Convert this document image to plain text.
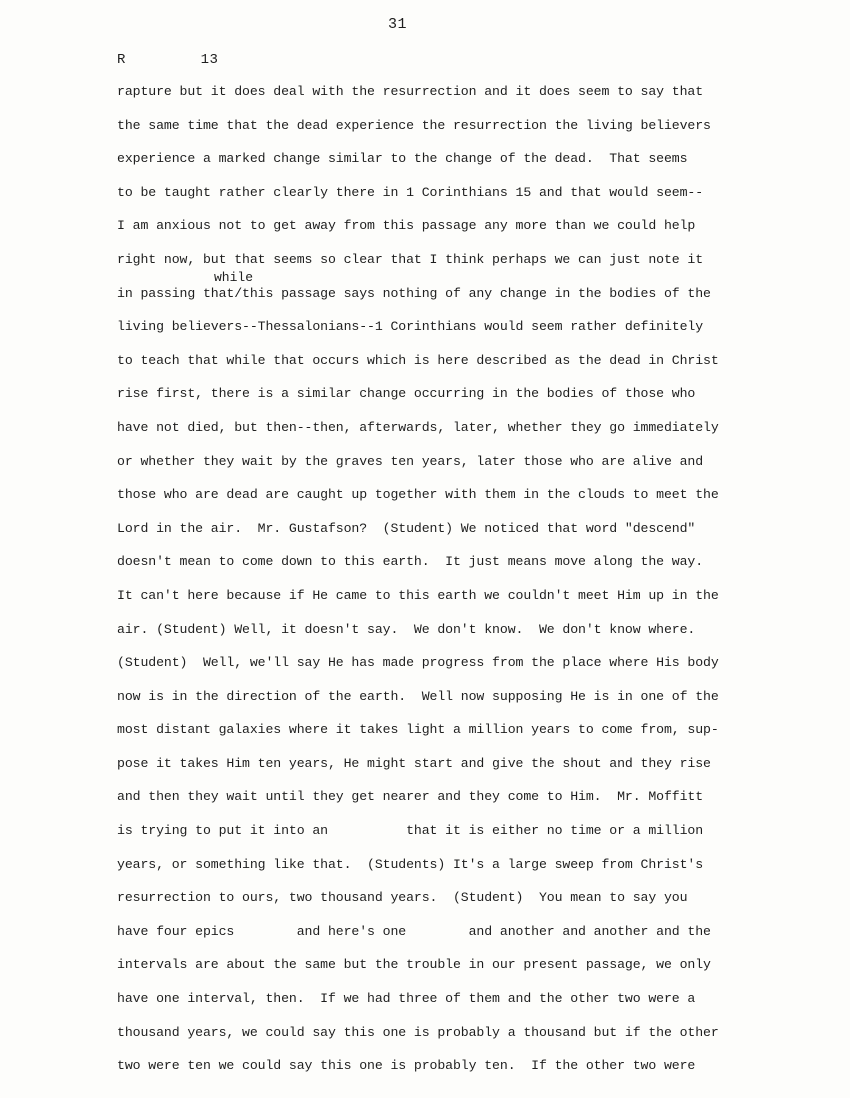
31
R   13
while
rapture but it does deal with the resurrection and it does seem to say that
the same time that the dead experience the resurrection the living believers
experience a marked change similar to the change of the dead.  That seems
to be taught rather clearly there in 1 Corinthians 15 and that would seem--
I am anxious not to get away from this passage any more than we could help
right now, but that seems so clear that I think perhaps we can just note it
in passing that/this passage says nothing of any change in the bodies of the
living believers--Thessalonians--1 Corinthians would seem rather definitely
to teach that while that occurs which is here described as the dead in Christ
rise first, there is a similar change occurring in the bodies of those who
have not died, but then--then, afterwards, later, whether they go immediately
or whether they wait by the graves ten years, later those who are alive and
those who are dead are caught up together with them in the clouds to meet the
Lord in the air.  Mr. Gustafson?  (Student) We noticed that word "descend"
doesn't mean to come down to this earth.  It just means move along the way.
It can't here because if He came to this earth we couldn't meet Him up in the
air. (Student) Well, it doesn't say.  We don't know.  We don't know where.
(Student)  Well, we'll say He has made progress from the place where His body
now is in the direction of the earth.  Well now supposing He is in one of the
most distant galaxies where it takes light a million years to come from, sup-
pose it takes Him ten years, He might start and give the shout and they rise
and then they wait until they get nearer and they come to Him.  Mr. Moffitt
is trying to put it into an          that it is either no time or a million
years, or something like that.  (Students) It's a large sweep from Christ's
resurrection to ours, two thousand years.  (Student)  You mean to say you
have four epics        and here's one        and another and another and the
intervals are about the same but the trouble in our present passage, we only
have one interval, then.  If we had three of them and the other two were a
thousand years, we could say this one is probably a thousand but if the other
two were ten we could say this one is probably ten.  If the other two were
